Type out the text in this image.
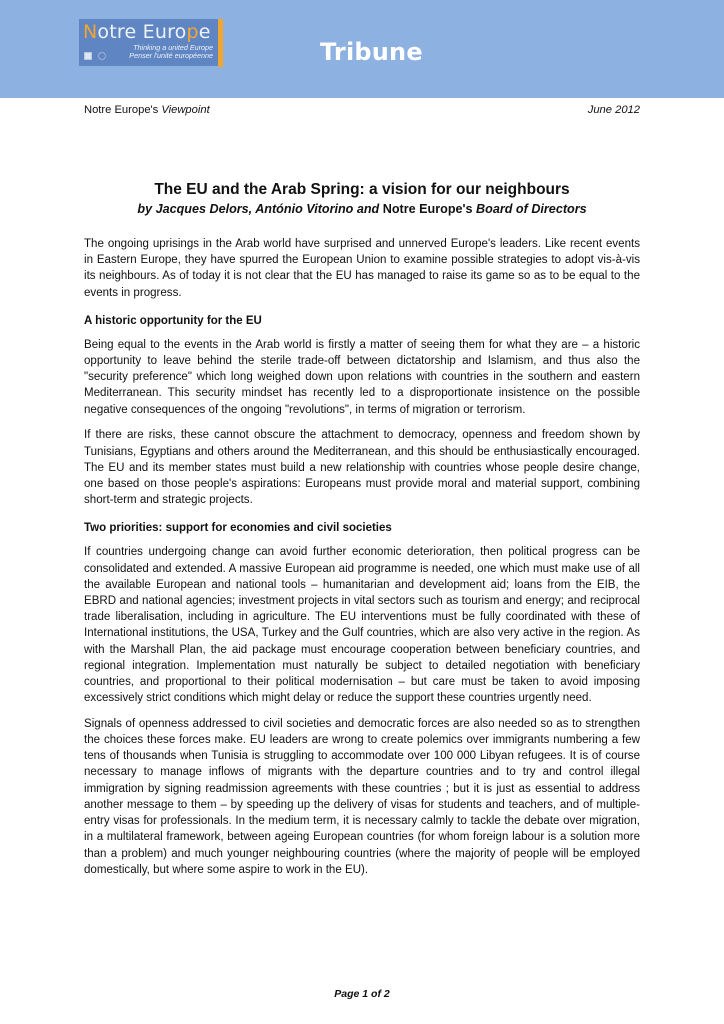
Notre Europe
Thinking a united Europe
Penser l'unité européenne	Tribune
Notre Europe's Viewpoint	June 2012
The EU and the Arab Spring: a vision for our neighbours
by Jacques Delors, António Vitorino and Notre Europe's Board of Directors

The ongoing uprisings in the Arab world have surprised and unnerved Europe's leaders. Like recent events in Eastern Europe, they have spurred the European Union to examine possible strategies to adopt vis-à-vis its neighbours. As of today it is not clear that the EU has managed to raise its game so as to be equal to the events in progress.

A historic opportunity for the EU

Being equal to the events in the Arab world is firstly a matter of seeing them for what they are – a historic opportunity to leave behind the sterile trade-off between dictatorship and Islamism, and thus also the "security preference" which long weighed down upon relations with countries in the southern and eastern Mediterranean. This security mindset has recently led to a disproportionate insistence on the possible negative consequences of the ongoing "revolutions", in terms of migration or terrorism.

If there are risks, these cannot obscure the attachment to democracy, openness and freedom shown by Tunisians, Egyptians and others around the Mediterranean, and this should be enthusiastically encouraged. The EU and its member states must build a new relationship with countries whose people desire change, one based on those people's aspirations: Europeans must provide moral and material support, combining short-term and strategic projects.

Two priorities: support for economies and civil societies

If countries undergoing change can avoid further economic deterioration, then political progress can be consolidated and extended. A massive European aid programme is needed, one which must make use of all the available European and national tools – humanitarian and development aid; loans from the EIB, the EBRD and national agencies; investment projects in vital sectors such as tourism and energy; and reciprocal trade liberalisation, including in agriculture. The EU interventions must be fully coordinated with these of International institutions, the USA, Turkey and the Gulf countries, which are also very active in the region. As with the Marshall Plan, the aid package must encourage cooperation between beneficiary countries, and regional integration. Implementation must naturally be subject to detailed negotiation with beneficiary countries, and proportional to their political modernisation – but care must be taken to avoid imposing excessively strict conditions which might delay or reduce the support these countries urgently need.

Signals of openness addressed to civil societies and democratic forces are also needed so as to strengthen the choices these forces make. EU leaders are wrong to create polemics over immigrants numbering a few tens of thousands when Tunisia is struggling to accommodate over 100 000 Libyan refugees. It is of course necessary to manage inflows of migrants with the departure countries and to try and control illegal immigration by signing readmission agreements with these countries ; but it is just as essential to address another message to them – by speeding up the delivery of visas for students and teachers, and of multiple-entry visas for professionals. In the medium term, it is necessary calmly to tackle the debate over migration, in a multilateral framework, between ageing European countries (for whom foreign labour is a solution more than a problem) and much younger neighbouring countries (where the majority of people will be employed domestically, but where some aspire to work in the EU).

Page 1 of 2
